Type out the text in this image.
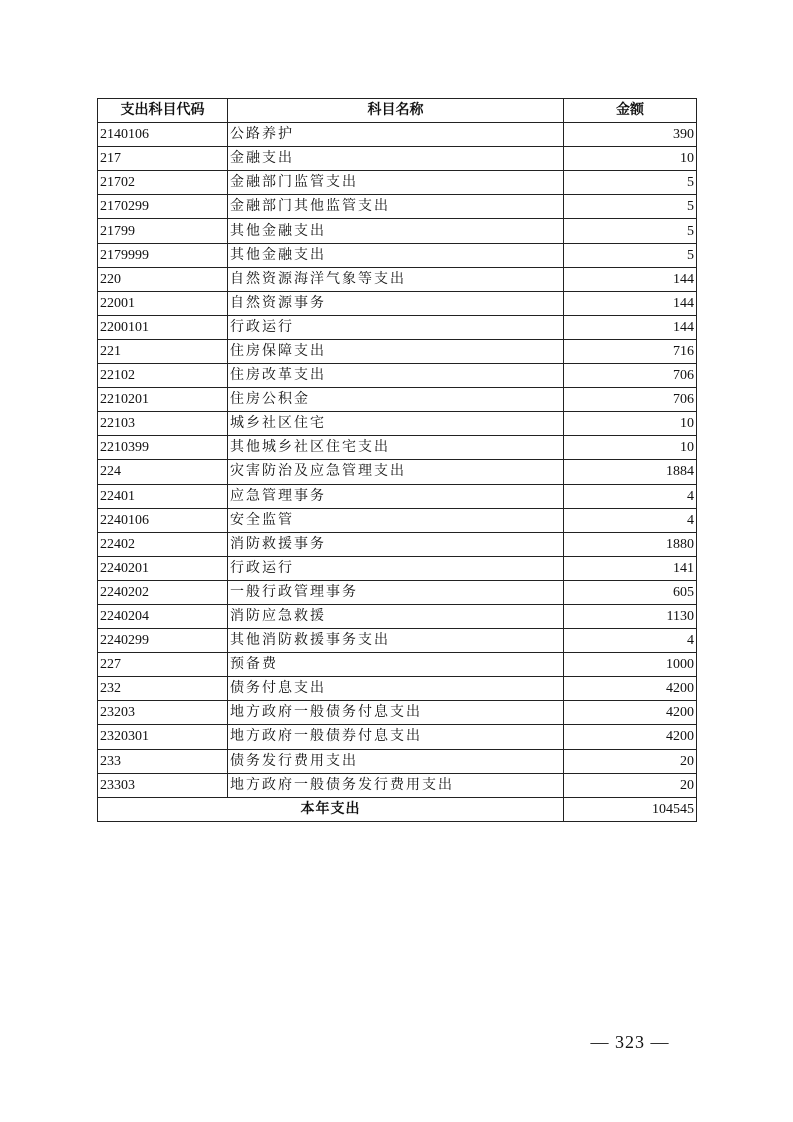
支出科目代码	科目名称	金额
2140106	公路养护	390
217	金融支出	10
21702	金融部门监管支出	5
2170299	金融部门其他监管支出	5
21799	其他金融支出	5
2179999	其他金融支出	5
220	自然资源海洋气象等支出	144
22001	自然资源事务	144
2200101	行政运行	144
221	住房保障支出	716
22102	住房改革支出	706
2210201	住房公积金	706
22103	城乡社区住宅	10
2210399	其他城乡社区住宅支出	10
224	灾害防治及应急管理支出	1884
22401	应急管理事务	4
2240106	安全监管	4
22402	消防救援事务	1880
2240201	行政运行	141
2240202	一般行政管理事务	605
2240204	消防应急救援	1130
2240299	其他消防救援事务支出	4
227	预备费	1000
232	债务付息支出	4200
23203	地方政府一般债务付息支出	4200
2320301	地方政府一般债券付息支出	4200
233	债务发行费用支出	20
23303	地方政府一般债务发行费用支出	20
本年支出		104545
— 323 —
